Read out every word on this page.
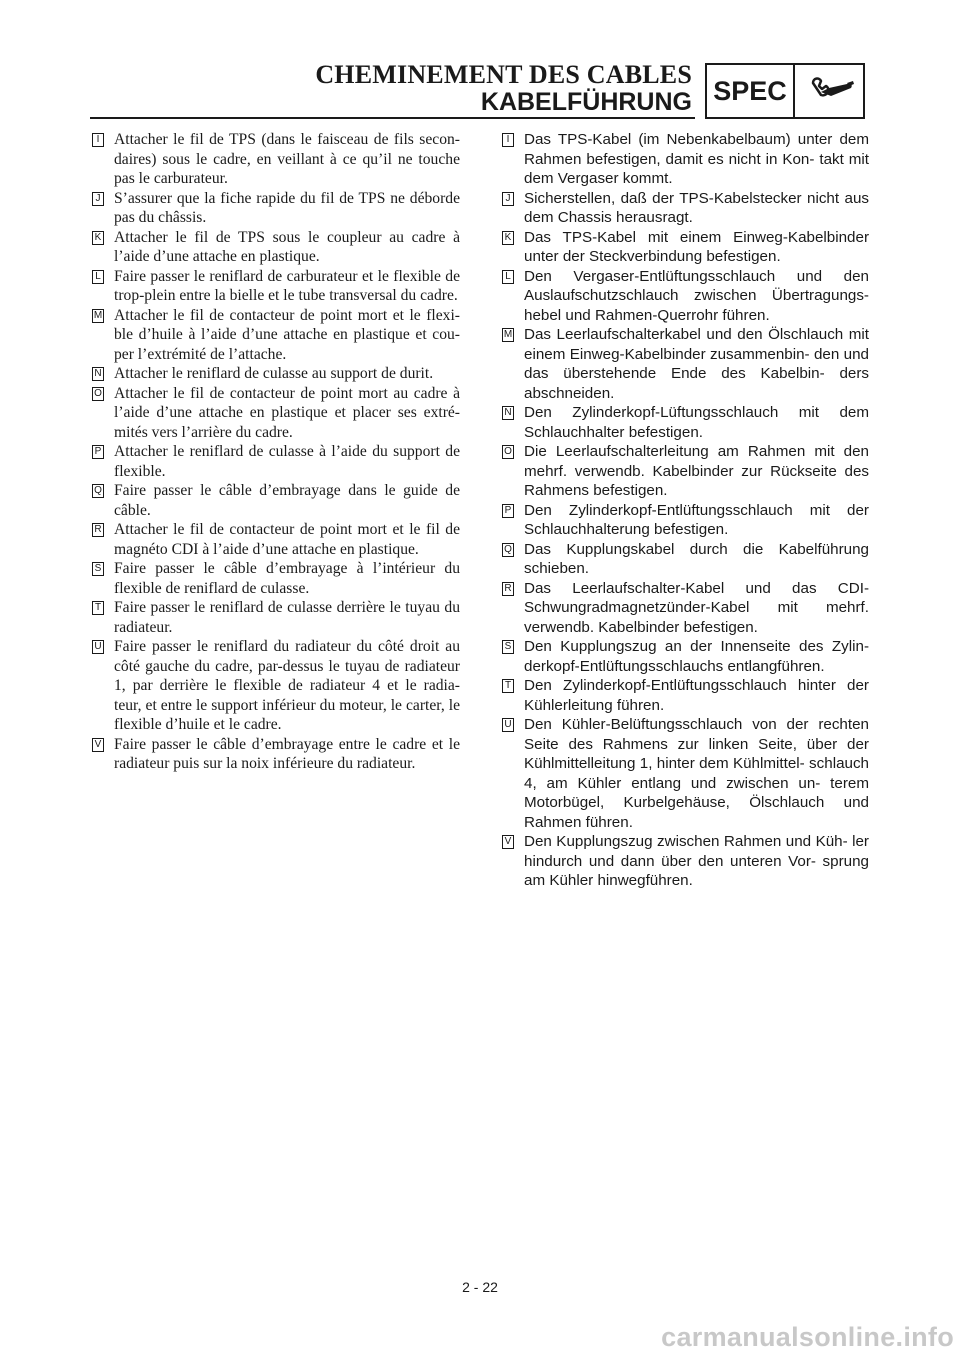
CHEMINEMENT DES CABLES
KABELFÜHRUNG SPEC
I Attacher le fil de TPS (dans le faisceau de fils secon- daires) sous le cadre, en veillant à ce qu’il ne touche pas le carburateur.
J S’assurer que la fiche rapide du fil de TPS ne déborde pas du châssis.
K Attacher le fil de TPS sous le coupleur au cadre à l’aide d’une attache en plastique.
L Faire passer le reniflard de carburateur et le flexible de trop-plein entre la bielle et le tube transversal du cadre.
M Attacher le fil de contacteur de point mort et le flexi- ble d’huile à l’aide d’une attache en plastique et cou- per l’extrémité de l’attache.
N Attacher le reniflard de culasse au support de durit.
O Attacher le fil de contacteur de point mort au cadre à l’aide d’une attache en plastique et placer ses extré- mités vers l’arrière du cadre.
P Attacher le reniflard de culasse à l’aide du support de flexible.
Q Faire passer le câble d’embrayage dans le guide de câble.
R Attacher le fil de contacteur de point mort et le fil de magnéto CDI à l’aide d’une attache en plastique.
S Faire passer le câble d’embrayage à l’intérieur du flexible de reniflard de culasse.
T Faire passer le reniflard de culasse derrière le tuyau du radiateur.
U Faire passer le reniflard du radiateur du côté droit au côté gauche du cadre, par-dessus le tuyau de radiateur 1, par derrière le flexible de radiateur 4 et le radia- teur, et entre le support inférieur du moteur, le carter, le flexible d’huile et le cadre.
V Faire passer le câble d’embrayage entre le cadre et le radiateur puis sur la noix inférieure du radiateur.
I Das TPS-Kabel (im Nebenkabelbaum) unter dem Rahmen befestigen, damit es nicht in Kon- takt mit dem Vergaser kommt.
J Sicherstellen, daß der TPS-Kabelstecker nicht aus dem Chassis herausragt.
K Das TPS-Kabel mit einem Einweg-Kabelbinder unter der Steckverbindung befestigen.
L Den Vergaser-Entlüftungsschlauch und den Auslaufschutzschlauch zwischen Übertragungs- hebel und Rahmen-Querrohr führen.
M Das Leerlaufschalterkabel und den Ölschlauch mit einem Einweg-Kabelbinder zusammenbin- den und das überstehende Ende des Kabelbin- ders abschneiden.
N Den Zylinderkopf-Lüftungsschlauch mit dem Schlauchhalter befestigen.
O Die Leerlaufschalterleitung am Rahmen mit den mehrf. verwendb. Kabelbinder zur Rückseite des Rahmens befestigen.
P Den Zylinderkopf-Entlüftungsschlauch mit der Schlauchhalterung befestigen.
Q Das Kupplungskabel durch die Kabelführung schieben.
R Das Leerlaufschalter-Kabel und das CDI- Schwungradmagnetzünder-Kabel mit mehrf. verwendb. Kabelbinder befestigen.
S Den Kupplungszug an der Innenseite des Zylin- derkopf-Entlüftungsschlauchs entlangführen.
T Den Zylinderkopf-Entlüftungsschlauch hinter der Kühlerleitung führen.
U Den Kühler-Belüftungsschlauch von der rechten Seite des Rahmens zur linken Seite, über der Kühlmittelleitung 1, hinter dem Kühlmittel- schlauch 4, am Kühler entlang und zwischen un- terem Motorbügel, Kurbelgehäuse, Ölschlauch und Rahmen führen.
V Den Kupplungszug zwischen Rahmen und Küh- ler hindurch und dann über den unteren Vor- sprung am Kühler hinwegführen.
2 - 22
carmanualsonline.info
